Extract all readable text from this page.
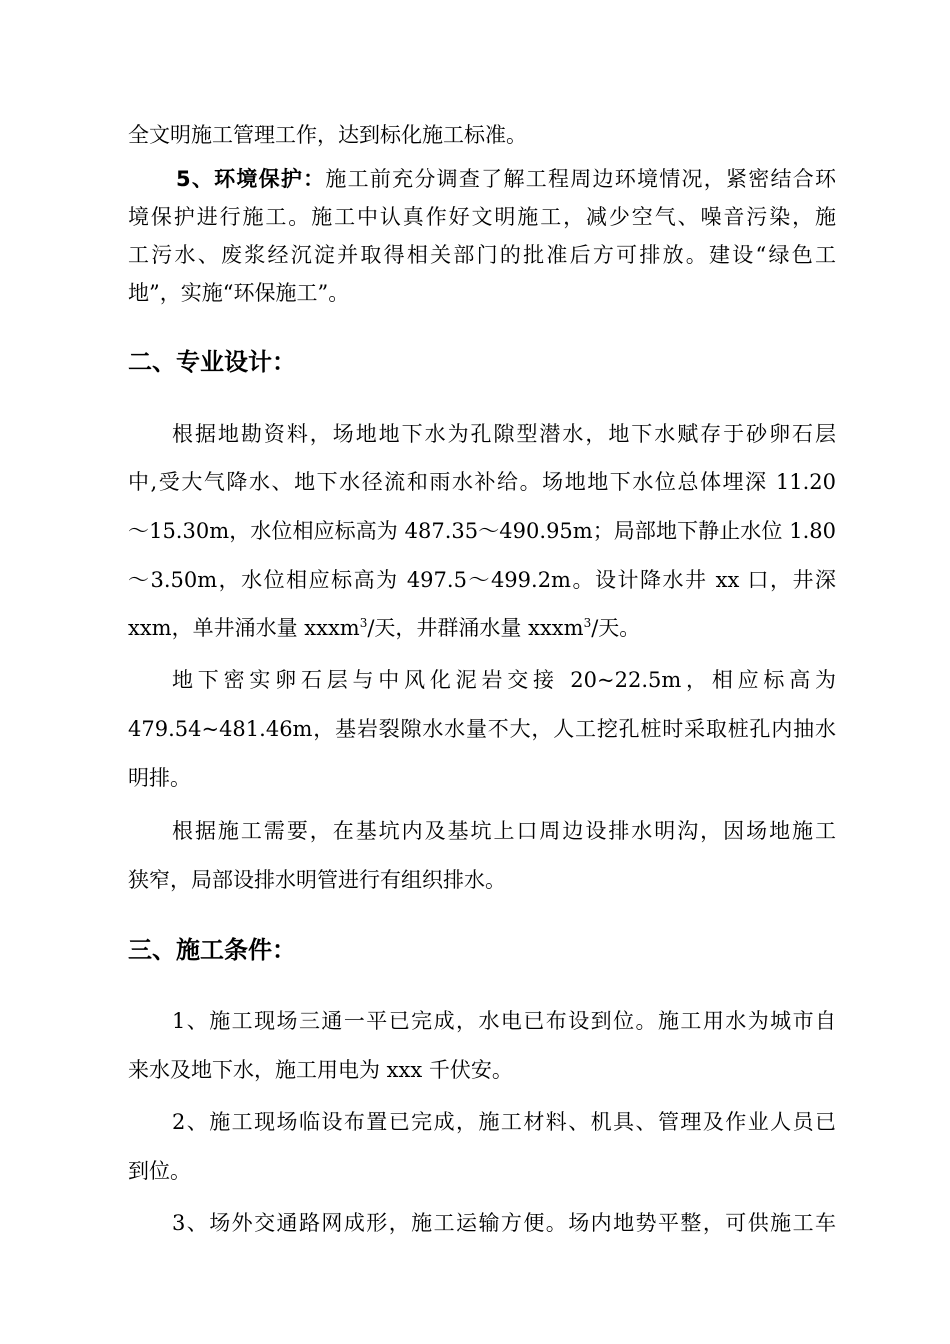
全文明施工管理工作，达到标化施工标准。
5、环境保护：施工前充分调查了解工程周边环境情况，紧密结合环
境保护进行施工。施工中认真作好文明施工，减少空气、噪音污染，施
工污水、废浆经沉淀并取得相关部门的批准后方可排放。建设“绿色工
地”，实施“环保施工”。
二、专业设计：
根据地勘资料，场地地下水为孔隙型潜水，地下水赋存于砂卵石层
中,受大气降水、地下水径流和雨水补给。场地地下水位总体埋深 11.20
～15.30m，水位相应标高为 487.35～490.95m；局部地下静止水位 1.80
～3.50m，水位相应标高为 497.5～499.2m。设计降水井 xx 口，井深
xxm，单井涌水量 xxxm$^3$/天，井群涌水量 xxxm$^3$/天。
地下密实卵石层与中风化泥岩交接 20~22.5m，相应标高为
479.54~481.46m，基岩裂隙水水量不大，人工挖孔桩时采取桩孔内抽水
明排。
根据施工需要，在基坑内及基坑上口周边设排水明沟，因场地施工
狭窄，局部设排水明管进行有组织排水。
三、施工条件：
1、施工现场三通一平已完成，水电已布设到位。施工用水为城市自
来水及地下水，施工用电为 xxx 千伏安。
2、施工现场临设布置已完成，施工材料、机具、管理及作业人员已
到位。
3、场外交通路网成形，施工运输方便。场内地势平整，可供施工车
